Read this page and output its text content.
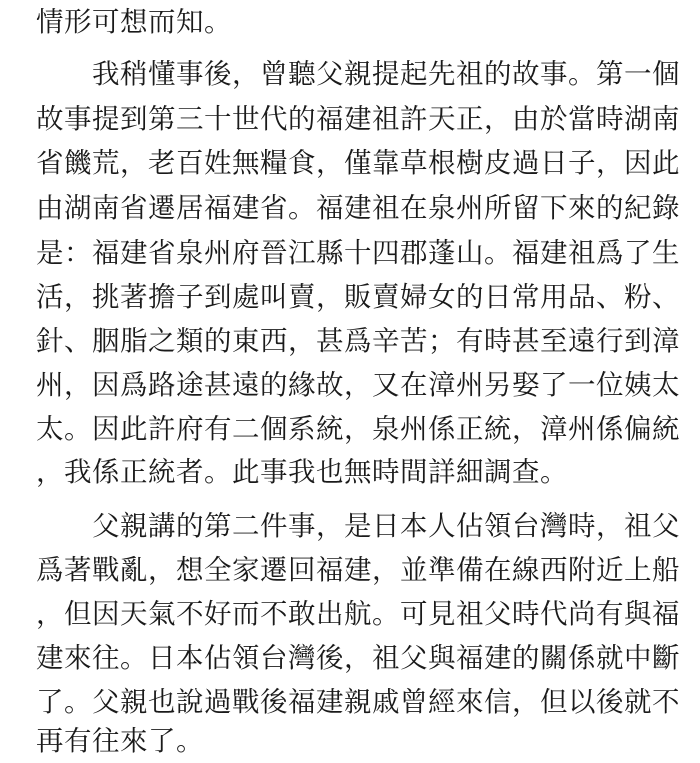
情形可想而知。
我稍懂事後，曾聽父親提起先祖的故事。第一個
故事提到第三十世代的福建祖許天正，由於當時湖南
省饑荒，老百姓無糧食，僅靠草根樹皮過日子，因此
由湖南省遷居福建省。福建祖在泉州所留下來的紀錄
是：福建省泉州府晉江縣十四郡蓬山。福建祖爲了生
活，挑著擔子到處叫賣，販賣婦女的日常用品、粉、
針、胭脂之類的東西，甚爲辛苦；有時甚至遠行到漳
州，因爲路途甚遠的緣故，又在漳州另娶了一位姨太
太。因此許府有二個系統，泉州係正統，漳州係偏統
，我係正統者。此事我也無時間詳細調查。
父親講的第二件事，是日本人佔領台灣時，祖父
爲著戰亂，想全家遷回福建，並準備在線西附近上船
，但因天氣不好而不敢出航。可見祖父時代尚有與福
建來往。日本佔領台灣後，祖父與福建的關係就中斷
了。父親也說過戰後福建親戚曾經來信，但以後就不
再有往來了。
